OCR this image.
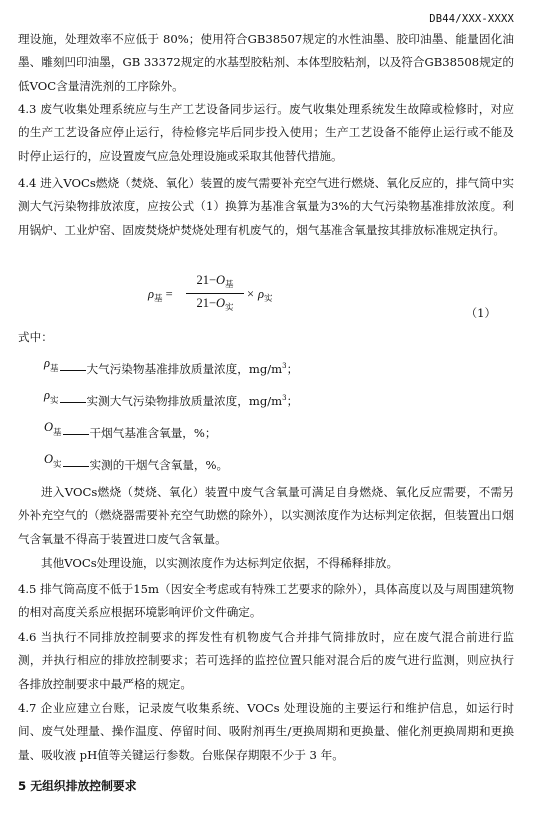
DB44/XXX-XXXX

理设施，处理效率不应低于 80%；使用符合GB38507规定的水性油墨、胶印油墨、能量固化油墨、雕刻凹印油墨，GB 33372规定的水基型胶粘剂、本体型胶粘剂，以及符合GB38508规定的低VOC含量清洗剂的工序除外。

4.3 废气收集处理系统应与生产工艺设备同步运行。废气收集处理系统发生故障或检修时，对应的生产工艺设备应停止运行，待检修完毕后同步投入使用；生产工艺设备不能停止运行或不能及时停止运行的，应设置废气应急处理设施或采取其他替代措施。

4.4 进入VOCs燃烧（焚烧、氧化）装置的废气需要补充空气进行燃烧、氧化反应的，排气筒中实测大气污染物排放浓度，应按公式（1）换算为基准含氧量为3%的大气污染物基准排放浓度。利用锅炉、工业炉窑、固废焚烧炉焚烧处理有机废气的，烟气基准含氧量按其排放标准规定执行。

$\rho_基$ =
$21-O_基$
$21-O_实$
× $\rho_实$
（1）
式中：
$\rho_基$ 大气污染物基准排放质量浓度，$mg/m^3$；
$\rho_实$ 实测大气污染物排放质量浓度，$mg/m^3$；
$O_基$ 干烟气基准含氧量，%；
$O_实$ 实测的干烟气含氧量，%。

进入VOCs燃烧（焚烧、氧化）装置中废气含氧量可满足自身燃烧、氧化反应需要，不需另外补充空气的（燃烧器需要补充空气助燃的除外），以实测浓度作为达标判定依据，但装置出口烟气含氧量不得高于装置进口废气含氧量。

其他VOCs处理设施，以实测浓度作为达标判定依据，不得稀释排放。

4.5 排气筒高度不低于15m（因安全考虑或有特殊工艺要求的除外），具体高度以及与周围建筑物的相对高度关系应根据环境影响评价文件确定。

4.6 当执行不同排放控制要求的挥发性有机物废气合并排气筒排放时，应在废气混合前进行监测，并执行相应的排放控制要求；若可选择的监控位置只能对混合后的废气进行监测，则应执行各排放控制要求中最严格的规定。

4.7 企业应建立台账，记录废气收集系统、VOCs 处理设施的主要运行和维护信息，如运行时间、废气处理量、操作温度、停留时间、吸附剂再生/更换周期和更换量、催化剂更换周期和更换量、吸收液 pH值等关键运行参数。台账保存期限不少于 3 年。

5 无组织排放控制要求
